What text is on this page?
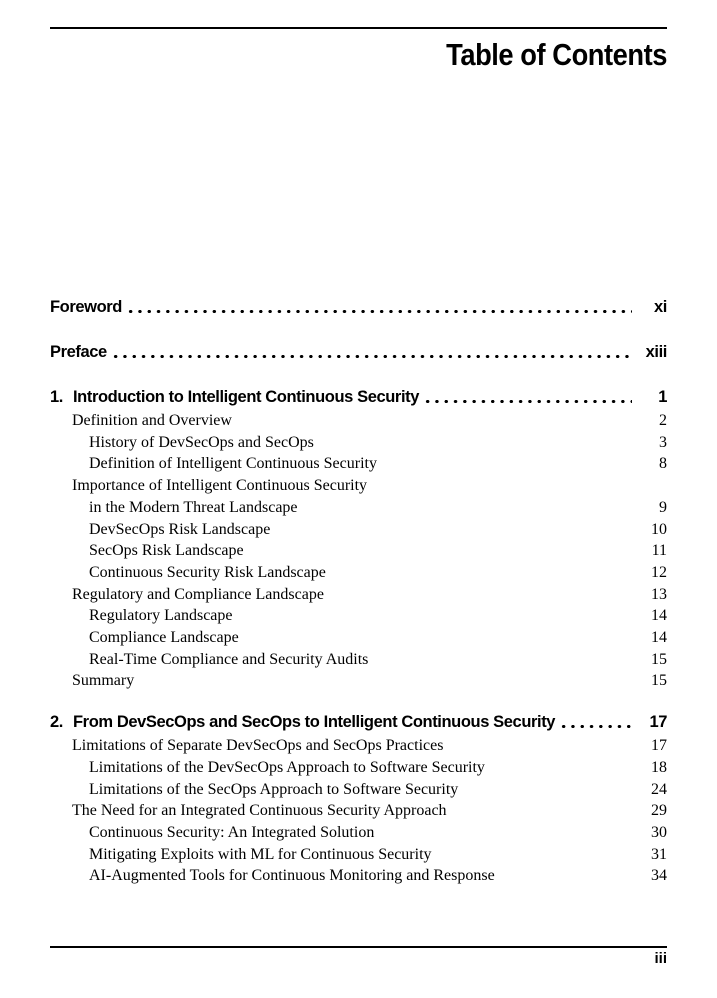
Table of Contents
Foreword	xi
Preface	xiii
1. Introduction to Intelligent Continuous Security	1
Definition and Overview	2
History of DevSecOps and SecOps	3
Definition of Intelligent Continuous Security	8
Importance of Intelligent Continuous Security
in the Modern Threat Landscape	9
DevSecOps Risk Landscape	10
SecOps Risk Landscape	11
Continuous Security Risk Landscape	12
Regulatory and Compliance Landscape	13
Regulatory Landscape	14
Compliance Landscape	14
Real-Time Compliance and Security Audits	15
Summary	15
2. From DevSecOps and SecOps to Intelligent Continuous Security	17
Limitations of Separate DevSecOps and SecOps Practices	17
Limitations of the DevSecOps Approach to Software Security	18
Limitations of the SecOps Approach to Software Security	24
The Need for an Integrated Continuous Security Approach	29
Continuous Security: An Integrated Solution	30
Mitigating Exploits with ML for Continuous Security	31
AI-Augmented Tools for Continuous Monitoring and Response	34
iii
